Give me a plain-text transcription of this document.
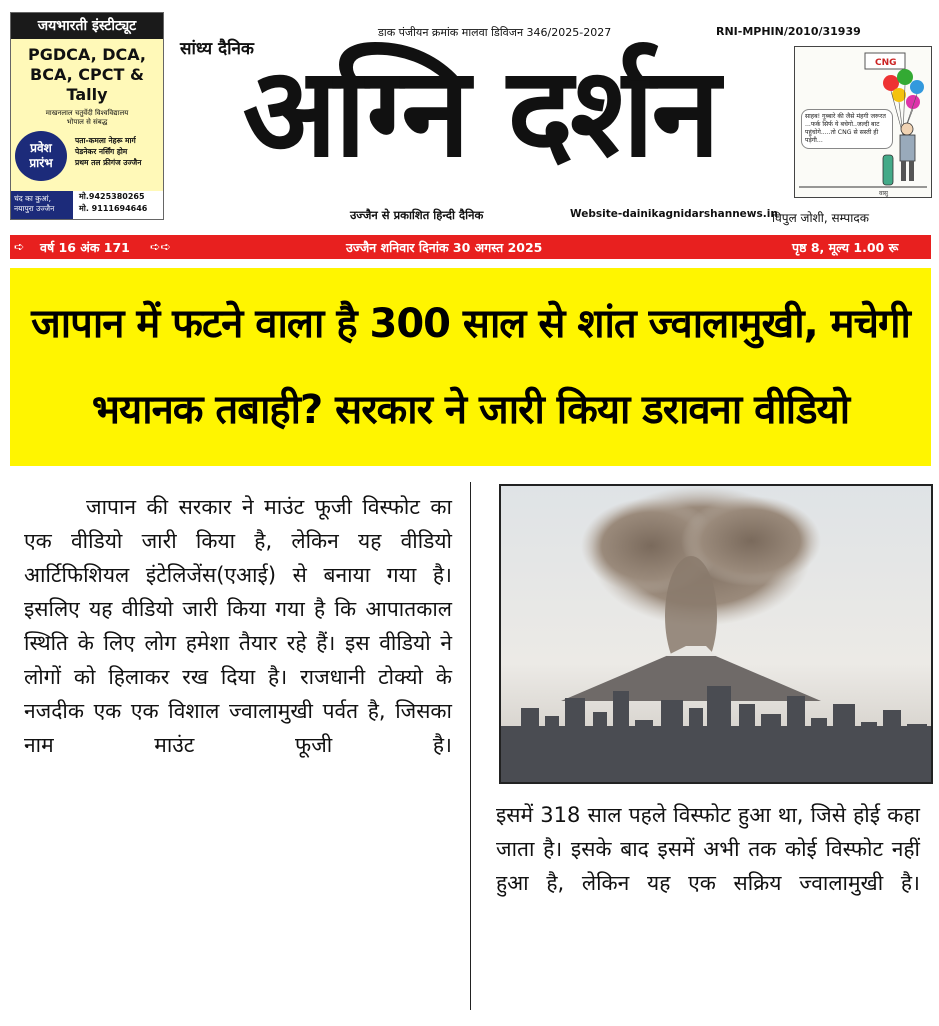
जयभारती इंस्टीट्यूट
PGDCA, DCA,
BCA, CPCT & Tally
माखनलाल चतुर्वेदी विश्वविद्यालय
भोपाल से संबद्ध
प्रवेश
प्रारंभ
पता-कमला नेहरू मार्ग
पेडनेकर नर्सिंग होम
प्रथम तल फ्रीगंज उज्जैन
चंद का कुआं,
नयापुरा उज्जैन
मो.9425380265
मो. 9111694646
डाक पंजीयन क्रमांक मालवा डिविजन 346/2025-2027	RNI-MPHIN/2010/31939
सांध्य दैनिक
अग्नि दर्शन
उज्जैन से प्रकाशित हिन्दी दैनिक	Website-dainikagnidarshannews.in
विपुल जोशी, सम्पादक
CNG
वासु
साहब! गुब्बारे की जैसे मंहगी जरूरत ‌‌‌...फर्क‌ सिर्फ ये बचेगो‌..जल्दी बाट पहुंचोगे.....तो CNG से सस्ती ही पड़ेगी...
➪ वर्ष 16 अंक 171 ➪➪	उज्जैन शनिवार दिनांक 30 अगस्त 2025	पृष्ठ 8, मूल्य 1.00 रू
जापान में फटने वाला है 300 साल से शांत ज्वालामुखी, मचेगी
भयानक तबाही? सरकार ने जारी किया डरावना वीडियो
जापान की सरकार ने माउंट फूजी विस्फोट का एक वीडियो जारी किया है, लेकिन यह वीडियो आर्टिफिशियल इंटेलिजेंस(एआई) से बनाया गया है। इसलिए यह वीडियो जारी किया गया है कि आपातकाल स्थिति के लिए लोग हमेशा तैयार रहे हैं। इस वीडियो ने लोगों को हिलाकर रख दिया है। राजधानी टोक्यो के नजदीक एक एक विशाल ज्वालामुखी पर्वत है, जिसका नाम माउंट फूजी है।
इसमें 318 साल पहले विस्फोट हुआ था, जिसे होई कहा जाता है। इसके बाद इसमें अभी तक कोई विस्फोट नहीं हुआ है, लेकिन यह एक सक्रिय ज्वालामुखी है।
